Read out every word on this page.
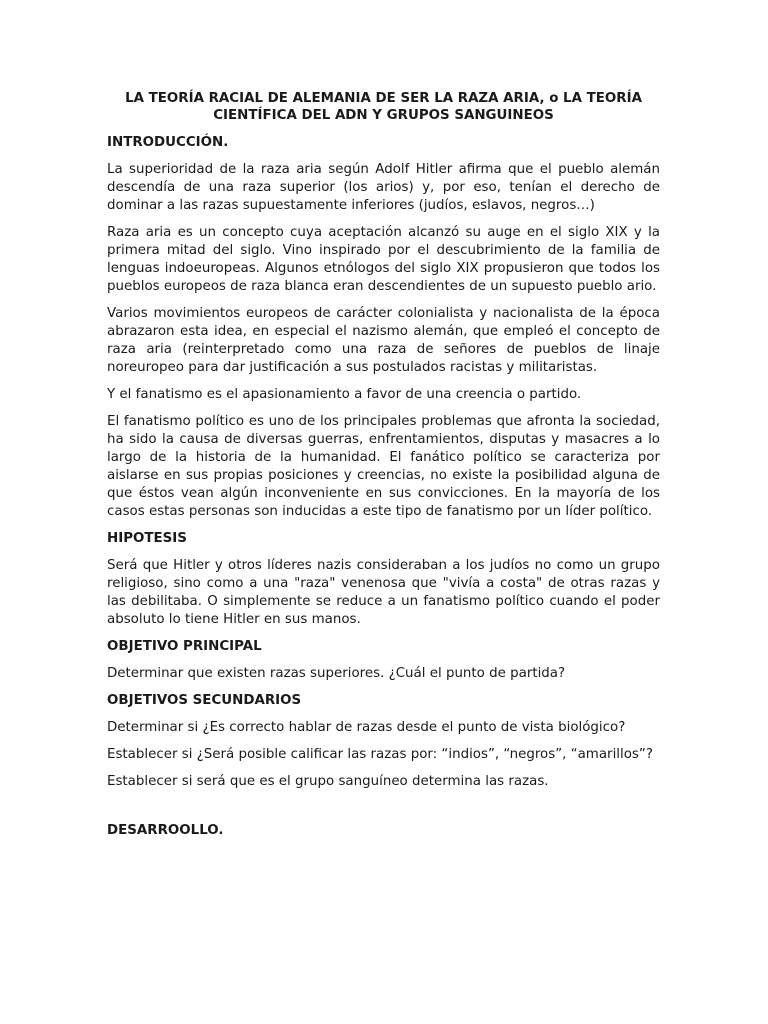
LA TEORÍA RACIAL DE ALEMANIA DE SER LA RAZA ARIA, o LA TEORÍA CIENTÍFICA DEL ADN Y GRUPOS SANGUINEOS

INTRODUCCIÓN.

La superioridad de la raza aria según Adolf Hitler afirma que el pueblo alemán descendía de una raza superior (los arios) y, por eso, tenían el derecho de dominar a las razas supuestamente inferiores (judíos, eslavos, negros…)

Raza aria es un concepto cuya aceptación alcanzó su auge en el siglo XIX y la primera mitad del siglo. Vino inspirado por el descubrimiento de la familia de lenguas indoeuropeas. Algunos etnólogos del siglo XIX propusieron que todos los pueblos europeos de raza blanca eran descendientes de un supuesto pueblo ario.

Varios movimientos europeos de carácter colonialista y nacionalista de la época abrazaron esta idea, en especial el nazismo alemán, que empleó el concepto de raza aria (reinterpretado como una raza de señores de pueblos de linaje noreuropeo para dar justificación a sus postulados racistas y militaristas.

Y el fanatismo es el apasionamiento a favor de una creencia o partido.

El fanatismo político es uno de los principales problemas que afronta la sociedad, ha sido la causa de diversas guerras, enfrentamientos, disputas y masacres a lo largo de la historia de la humanidad. El fanático político se caracteriza por aislarse en sus propias posiciones y creencias, no existe la posibilidad alguna de que éstos vean algún inconveniente en sus convicciones. En la mayoría de los casos estas personas son inducidas a este tipo de fanatismo por un líder político.

HIPOTESIS

Será que Hitler y otros líderes nazis consideraban a los judíos no como un grupo religioso, sino como a una "raza" venenosa que "vivía a costa" de otras razas y las debilitaba. O simplemente se reduce a un fanatismo político cuando el poder absoluto lo tiene Hitler en sus manos.

OBJETIVO PRINCIPAL

Determinar que existen razas superiores. ¿Cuál el punto de partida?

OBJETIVOS SECUNDARIOS

Determinar si ¿Es correcto hablar de razas desde el punto de vista biológico?

Establecer si ¿Será posible calificar las razas por: “indios”, “negros”, “amarillos”?

Establecer si será que es el grupo sanguíneo determina las razas.

DESARROOLLO.
